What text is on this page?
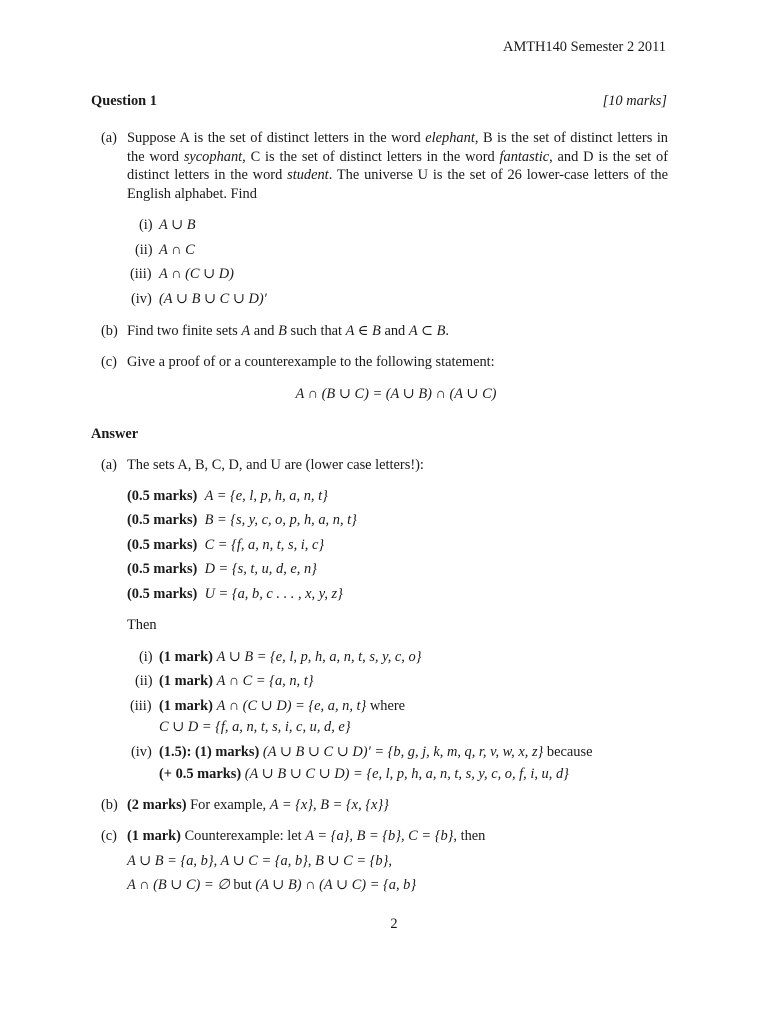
AMTH140 Semester 2 2011
Question 1	[10 marks]
(a) Suppose A is the set of distinct letters in the word elephant, B is the set of distinct letters in the word sycophant, C is the set of distinct letters in the word fantastic, and D is the set of distinct letters in the word student. The universe U is the set of 26 lower-case letters of the English alphabet. Find
(i) A ∪ B
(ii) A ∩ C
(iii) A ∩ (C ∪ D)
(iv) (A ∪ B ∪ C ∪ D)′
(b) Find two finite sets A and B such that A ∈ B and A ⊂ B.
(c) Give a proof of or a counterexample to the following statement:
A ∩ (B ∪ C) = (A ∪ B) ∩ (A ∪ C)
Answer
(a) The sets A, B, C, D, and U are (lower case letters!):
(0.5 marks) A = {e, l, p, h, a, n, t}
(0.5 marks) B = {s, y, c, o, p, h, a, n, t}
(0.5 marks) C = {f, a, n, t, s, i, c}
(0.5 marks) D = {s, t, u, d, e, n}
(0.5 marks) U = {a, b, c . . . , x, y, z}
Then
(i) (1 mark) A ∪ B = {e, l, p, h, a, n, t, s, y, c, o}
(ii) (1 mark) A ∩ C = {a, n, t}
(iii) (1 mark) A ∩ (C ∪ D) = {e, a, n, t} where
C ∪ D = {f, a, n, t, s, i, c, u, d, e}
(iv) (1.5): (1) marks) (A ∪ B ∪ C ∪ D)′ = {b, g, j, k, m, q, r, v, w, x, z} because
(+ 0.5 marks) (A ∪ B ∪ C ∪ D) = {e, l, p, h, a, n, t, s, y, c, o, f, i, u, d}
(b) (2 marks) For example, A = {x}, B = {x, {x}}
(c) (1 mark) Counterexample: let A = {a}, B = {b}, C = {b}, then
A ∪ B = {a, b}, A ∪ C = {a, b}, B ∪ C = {b},
A ∩ (B ∪ C) = ∅ but (A ∪ B) ∩ (A ∪ C) = {a, b}
2
